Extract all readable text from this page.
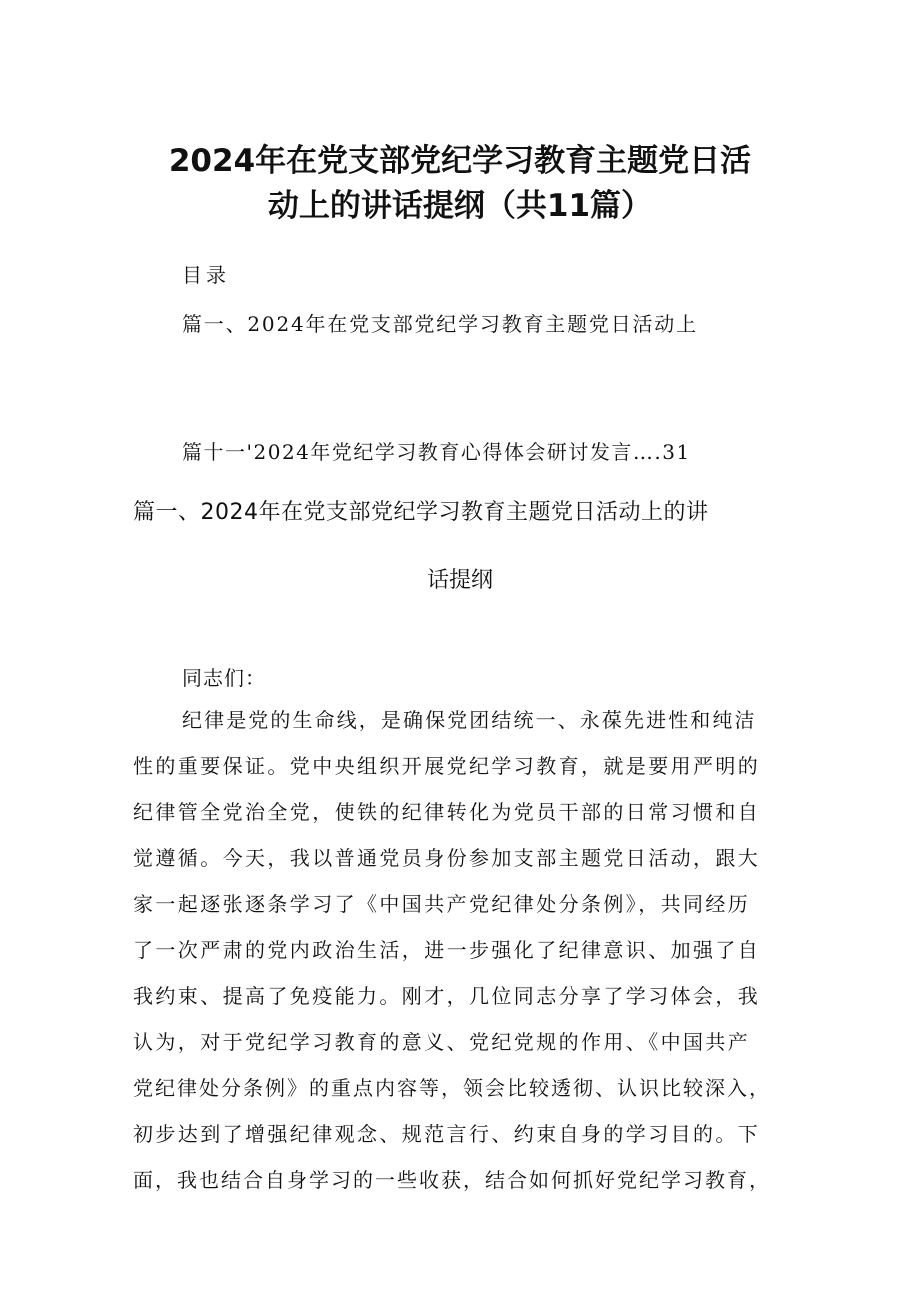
2024年在党支部党纪学习教育主题党日活
动上的讲话提纲（共11篇）
目录
篇一、2024年在党支部党纪学习教育主题党日活动上
篇十一'2024年党纪学习教育心得体会研讨发言….31
篇一、2024年在党支部党纪学习教育主题党日活动上的讲
话提纲
同志们：
纪律是党的生命线，是确保党团结统一、永葆先进性和纯洁
性的重要保证。党中央组织开展党纪学习教育，就是要用严明的
纪律管全党治全党，使铁的纪律转化为党员干部的日常习惯和自
觉遵循。今天，我以普通党员身份参加支部主题党日活动，跟大
家一起逐张逐条学习了《中国共产党纪律处分条例》，共同经历
了一次严肃的党内政治生活，进一步强化了纪律意识、加强了自
我约束、提高了免疫能力。刚才，几位同志分享了学习体会，我
认为，对于党纪学习教育的意义、党纪党规的作用、《中国共产
党纪律处分条例》的重点内容等，领会比较透彻、认识比较深入，
初步达到了增强纪律观念、规范言行、约束自身的学习目的。下
面，我也结合自身学习的一些收获，结合如何抓好党纪学习教育，
